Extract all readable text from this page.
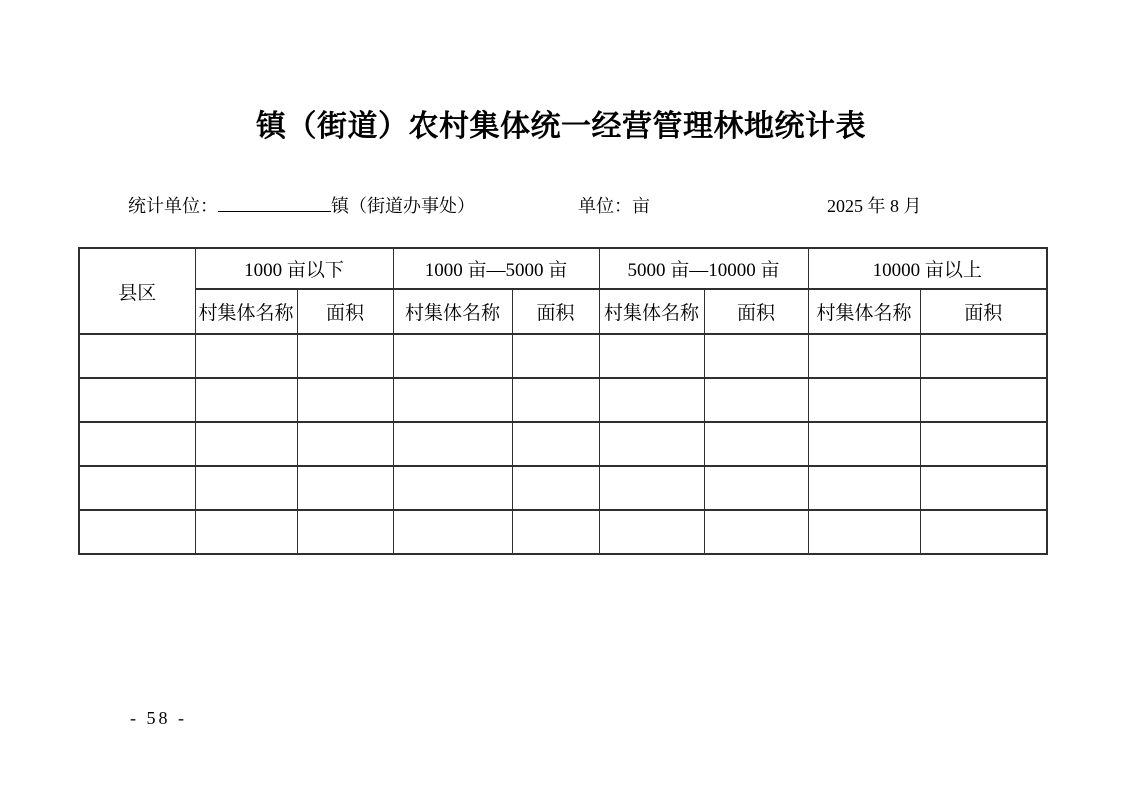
镇（街道）农村集体统一经营管理林地统计表
统计单位：	镇（街道办事处）	单位：亩	2025 年 8 月
县区	1000 亩以下		1000 亩—5000 亩		5000 亩—10000 亩		10000 亩以上	
	村集体名称	面积	村集体名称	面积	村集体名称	面积	村集体名称	面积

- 58 -
